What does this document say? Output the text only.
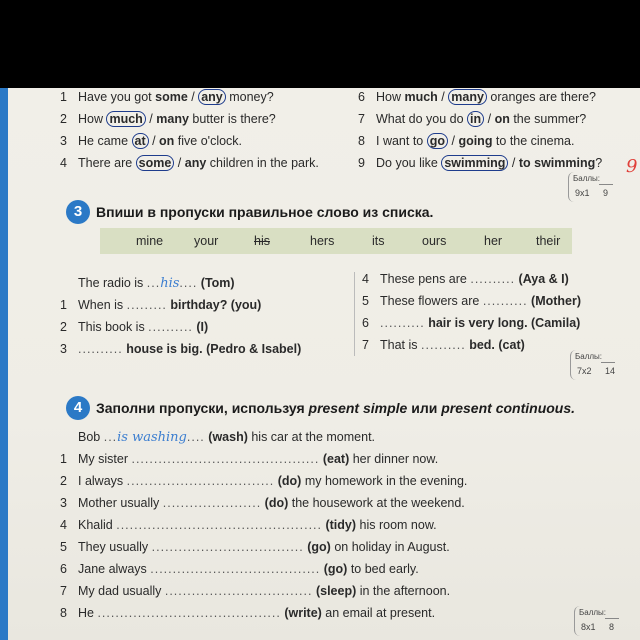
1 Have you got some / any money?
2 How much / many butter is there?
3 He came at / on five o'clock.
4 There are some / any children in the park.
6 How much / many oranges are there?
7 What do you do in / on the summer?
8 I want to go / going to the cinema.
9 Do you like swimming / to swimming? 9
Баллы:
9x1 9
3 Впиши в пропуски правильное слово из списка.
mine your	his	hers	its	ours	her	their
The radio is ...his.... (Tom)
1 When is ......... birthday? (you)
2 This book is .......... (I)
3 .......... house is big. (Pedro & Isabel)
4 These pens are .......... (Aya & I)
5 These flowers are .......... (Mother)
6 .......... hair is very long. (Camila)
7 That is .......... bed. (cat)
Баллы:
7x2 14
4 Заполни пропуски, используя present simple или present continuous.
Bob ...is washing.... (wash) his car at the moment.
1 My sister .......................................... (eat) her dinner now.
2 I always ................................. (do) my homework in the evening.
3 Mother usually ...................... (do) the housework at the weekend.
4 Khalid .............................................. (tidy) his room now.
5 They usually .................................. (go) on holiday in August.
6 Jane always ...................................... (go) to bed early.
7 My dad usually ................................. (sleep) in the afternoon.
8 He ......................................... (write) an email at present.	Баллы:
8x1 8
